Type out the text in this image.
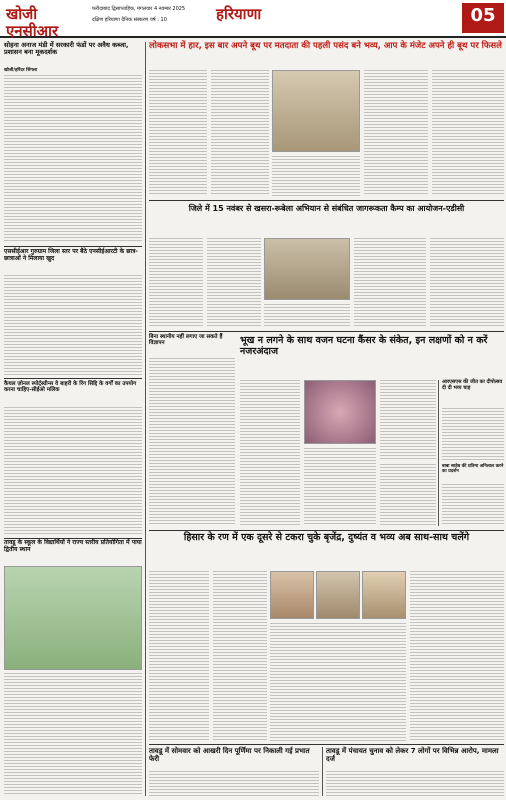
खोजी एनसीआर
फरीदाबाद द्विसाप्ताहिक, मंगलवार 4 नवम्बर 2025
दक्षिण हरियाणा दैनिक संस्करण वर्ष : 10	हरियाणा	05
सोहना अनाज मंडी में सरकारी फंडों पर अवैध कब्जा, प्रशासन बना मूकदर्शक
खोजी/हरिंदर सिंगला
एससीईआर गुरुग्राम जिला स्तर पर बैठे एनसीईआरटी के छात्र-छात्राओं ने मिलाया खुद
कैथल ज़ोनल स्पोर्ट्स्ग्रीन्स वे बाहरी के रिंग सिद्दि के वर्गों का उपयोग करना चाहिए-सीईओ मलिक
तावडू के स्कूल के विद्यार्थियों ने राज्य स्तरीय प्रतियोगिता में पाया द्वितीय स्थान
लोकसभा में हार, इस बार अपने बूथ पर मतदाता की पहली पसंद बने भव्य, आप के मंजेट अपने ही बूथ पर फिसले
जिले में 15 नवंबर से खसरा-रूबेला अभियान से संबंधित जागरूकता कैम्प का आयोजन-एडीसी
बिना स्थानीय नहीं लगाए जा सकते हैं विज्ञापन	भूख न लगने के साथ वजन घटना कैंसर के संकेत, इन लक्षणों को न करें नजरअंदाज
आरएसएस की जीत का दीपोत्सव दी दी भव्य चाह
बाबा साहेब की प्रतिमा अनिलाल करने का प्रदर्शन
हिसार के रण में एक दूसरे से टकरा चुके बृजेंद्र, दुष्यंत व भव्य अब साथ-साथ चलेंगे
तावडू में सोमवार को आखरी दिन पूर्णिमा पर निकाली गई प्रभात फेरी
तावडू में पंचायत चुनाव को लेकर 7 लोगों पर विभिन्न आरोप, मामला दर्ज
